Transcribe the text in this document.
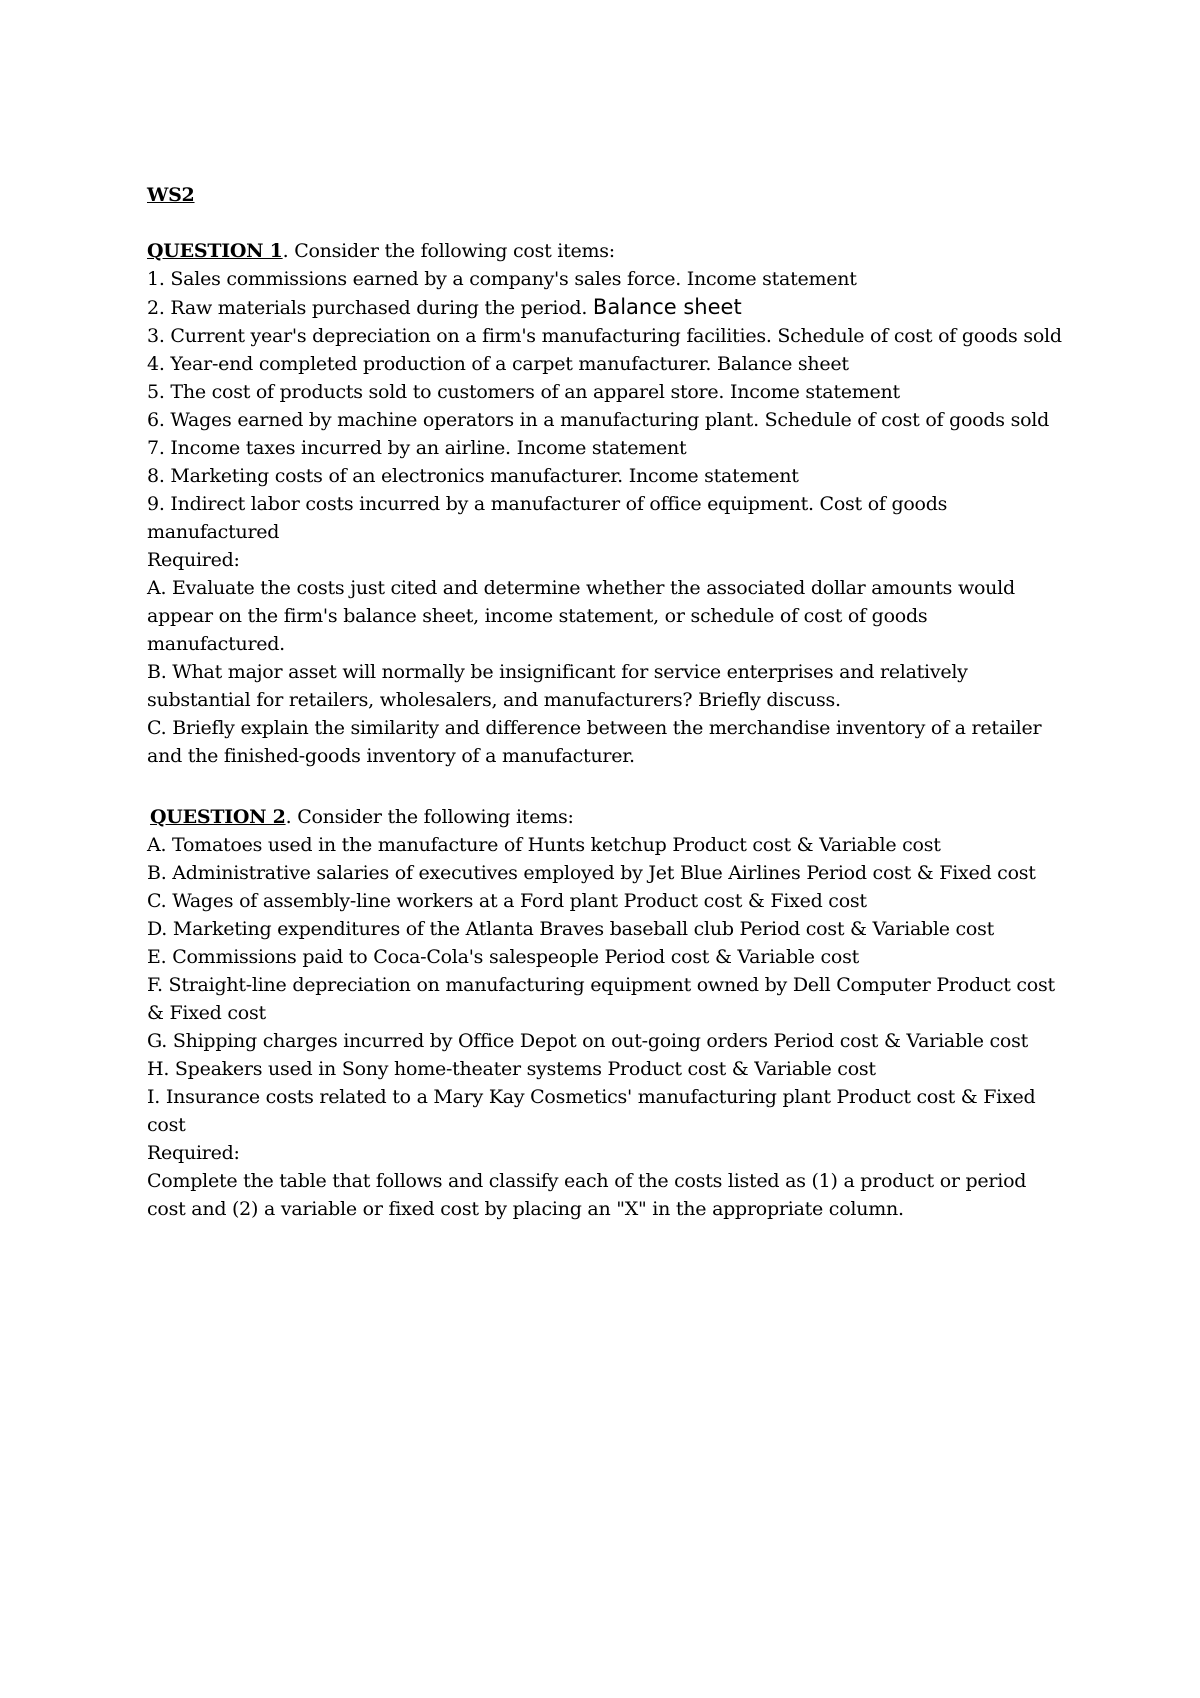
WS2

QUESTION 1. Consider the following cost items:

1. Sales commissions earned by a company's sales force. Income statement

2. Raw materials purchased during the period. Balance sheet

3. Current year's depreciation on a firm's manufacturing facilities. Schedule of cost of goods sold

4. Year-end completed production of a carpet manufacturer. Balance sheet

5. The cost of products sold to customers of an apparel store. Income statement

6. Wages earned by machine operators in a manufacturing plant. Schedule of cost of goods sold

7. Income taxes incurred by an airline. Income statement

8. Marketing costs of an electronics manufacturer. Income statement

9. Indirect labor costs incurred by a manufacturer of office equipment. Cost of goods manufactured

Required:

A. Evaluate the costs just cited and determine whether the associated dollar amounts would appear on the firm's balance sheet, income statement, or schedule of cost of goods manufactured.

B. What major asset will normally be insignificant for service enterprises and relatively substantial for retailers, wholesalers, and manufacturers? Briefly discuss.

C. Briefly explain the similarity and difference between the merchandise inventory of a retailer and the finished-goods inventory of a manufacturer.

QUESTION 2. Consider the following items:

A. Tomatoes used in the manufacture of Hunts ketchup Product cost & Variable cost

B. Administrative salaries of executives employed by Jet Blue Airlines Period cost & Fixed cost

C. Wages of assembly-line workers at a Ford plant Product cost & Fixed cost

D. Marketing expenditures of the Atlanta Braves baseball club Period cost & Variable cost

E. Commissions paid to Coca-Cola's salespeople Period cost & Variable cost

F. Straight-line depreciation on manufacturing equipment owned by Dell Computer Product cost & Fixed cost

G. Shipping charges incurred by Office Depot on out-going orders Period cost & Variable cost

H. Speakers used in Sony home-theater systems Product cost & Variable cost

I. Insurance costs related to a Mary Kay Cosmetics' manufacturing plant Product cost & Fixed cost

Required:

Complete the table that follows and classify each of the costs listed as (1) a product or period cost and (2) a variable or fixed cost by placing an "X" in the appropriate column.
